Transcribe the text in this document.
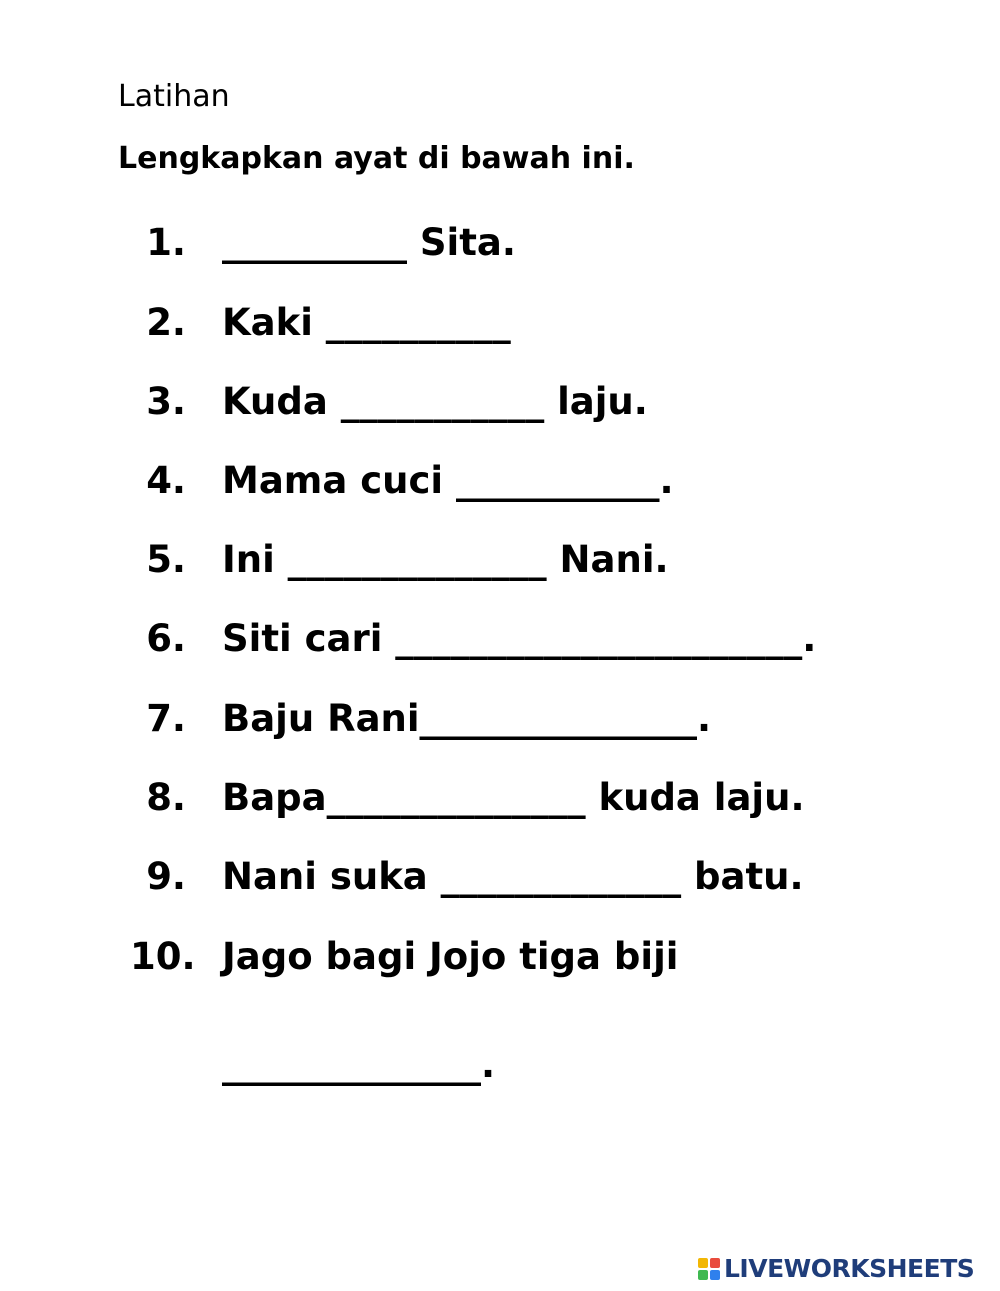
Latihan
Lengkapkan ayat di bawah ini.
1. __________ Sita.
2. Kaki __________
3. Kuda ___________ laju.
4. Mama cuci ___________.
5. Ini ______________ Nani.
6. Siti cari ______________________.
7. Baju Rani_______________.
8. Bapa______________ kuda laju.
9. Nani suka _____________ batu.
10. Jago bagi Jojo tiga biji
______________.
LIVEWORKSHEETS
